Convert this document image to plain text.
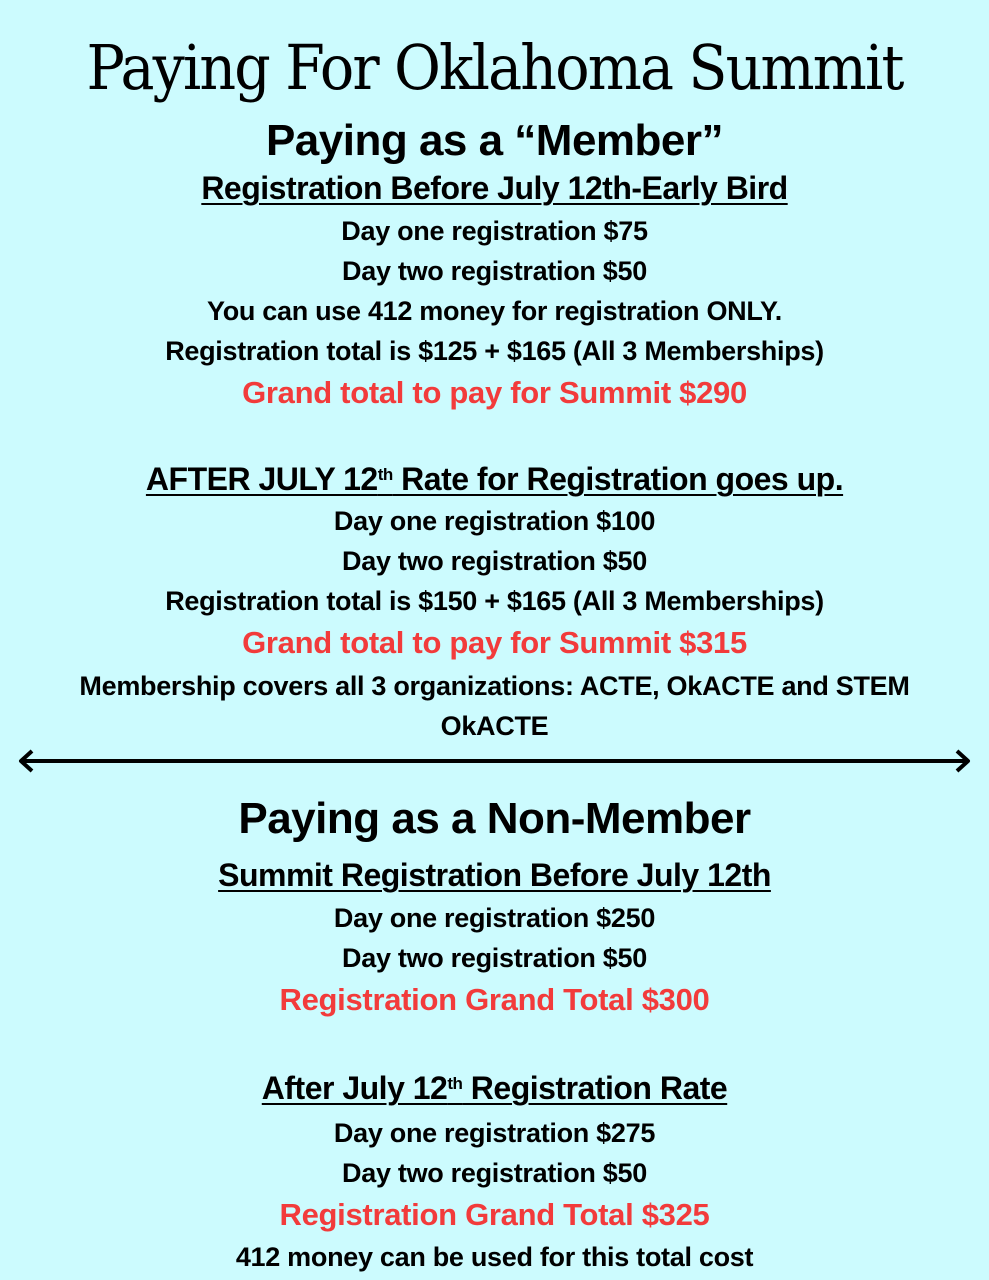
Paying For Oklahoma Summit
Paying as a “Member”
Registration Before July 12th-Early Bird
Day one registration $75
Day two registration $50
You can use 412 money for registration ONLY.
Registration total is $125 + $165 (All 3 Memberships)
Grand total to pay for Summit $290
AFTER JULY 12th Rate for Registration goes up.
Day one registration $100
Day two registration $50
Registration total is $150 + $165 (All 3 Memberships)
Grand total to pay for Summit $315
Membership covers all 3 organizations: ACTE, OkACTE and STEM
OkACTE
Paying as a Non-Member
Summit Registration Before July 12th
Day one registration $250
Day two registration $50
Registration Grand Total $300
After July 12th Registration Rate
Day one registration $275
Day two registration $50
Registration Grand Total $325
412 money can be used for this total cost
